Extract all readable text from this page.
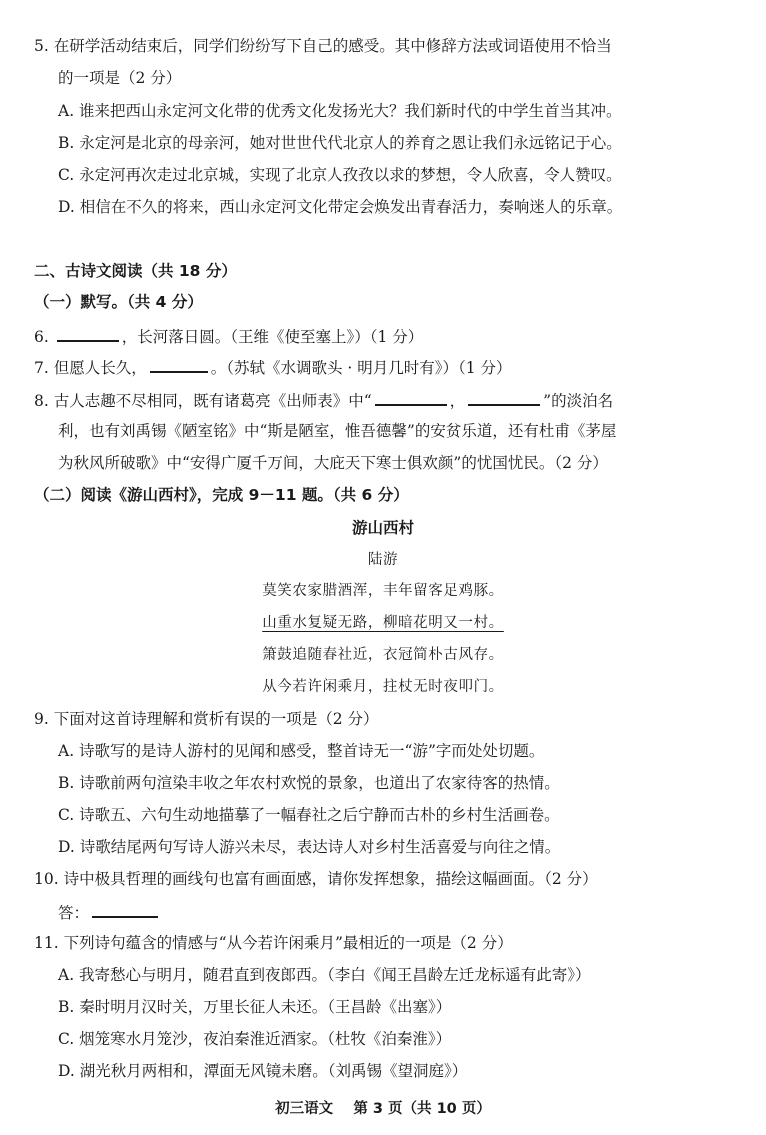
5. 在研学活动结束后，同学们纷纷写下自己的感受。其中修辞方法或词语使用不恰当
的一项是（2 分）
A. 谁来把西山永定河文化带的优秀文化发扬光大？我们新时代的中学生首当其冲。
B. 永定河是北京的母亲河，她对世世代代北京人的养育之恩让我们永远铭记于心。
C. 永定河再次走过北京城，实现了北京人孜孜以求的梦想，令人欣喜，令人赞叹。
D. 相信在不久的将来，西山永定河文化带定会焕发出青春活力，奏响迷人的乐章。
二、古诗文阅读（共 18 分）
（一）默写。（共 4 分）
6.	，长河落日圆。（王维《使至塞上》）（1 分）
7. 但愿人长久，	。（苏轼《水调歌头 · 明月几时有》）（1 分）
8. 古人志趣不尽相同，既有诸葛亮《出师表》中“	，	”的淡泊名
利，也有刘禹锡《陋室铭》中“斯是陋室，惟吾德馨”的安贫乐道，还有杜甫《茅屋
为秋风所破歌》中“安得广厦千万间，大庇天下寒士俱欢颜”的忧国忧民。（2 分）
（二）阅读《游山西村》，完成 9－11 题。（共 6 分）
游山西村
陆游
莫笑农家腊酒浑，丰年留客足鸡豚。
山重水复疑无路，柳暗花明又一村。
箫鼓追随春社近，衣冠简朴古风存。
从今若许闲乘月，拄杖无时夜叩门。
9. 下面对这首诗理解和赏析有误的一项是（2 分）
A. 诗歌写的是诗人游村的见闻和感受，整首诗无一“游”字而处处切题。
B. 诗歌前两句渲染丰收之年农村欢悦的景象，也道出了农家待客的热情。
C. 诗歌五、六句生动地描摹了一幅春社之后宁静而古朴的乡村生活画卷。
D. 诗歌结尾两句写诗人游兴未尽，表达诗人对乡村生活喜爱与向往之情。
10. 诗中极具哲理的画线句也富有画面感，请你发挥想象，描绘这幅画面。（2 分）
答：
11. 下列诗句蕴含的情感与“从今若许闲乘月”最相近的一项是（2 分）
A. 我寄愁心与明月，随君直到夜郎西。（李白《闻王昌龄左迁龙标遥有此寄》）
B. 秦时明月汉时关，万里长征人未还。（王昌龄《出塞》）
C. 烟笼寒水月笼沙，夜泊秦淮近酒家。（杜牧《泊秦淮》）
D. 湖光秋月两相和，潭面无风镜未磨。（刘禹锡《望洞庭》）
初三语文    第 3 页（共 10 页）
